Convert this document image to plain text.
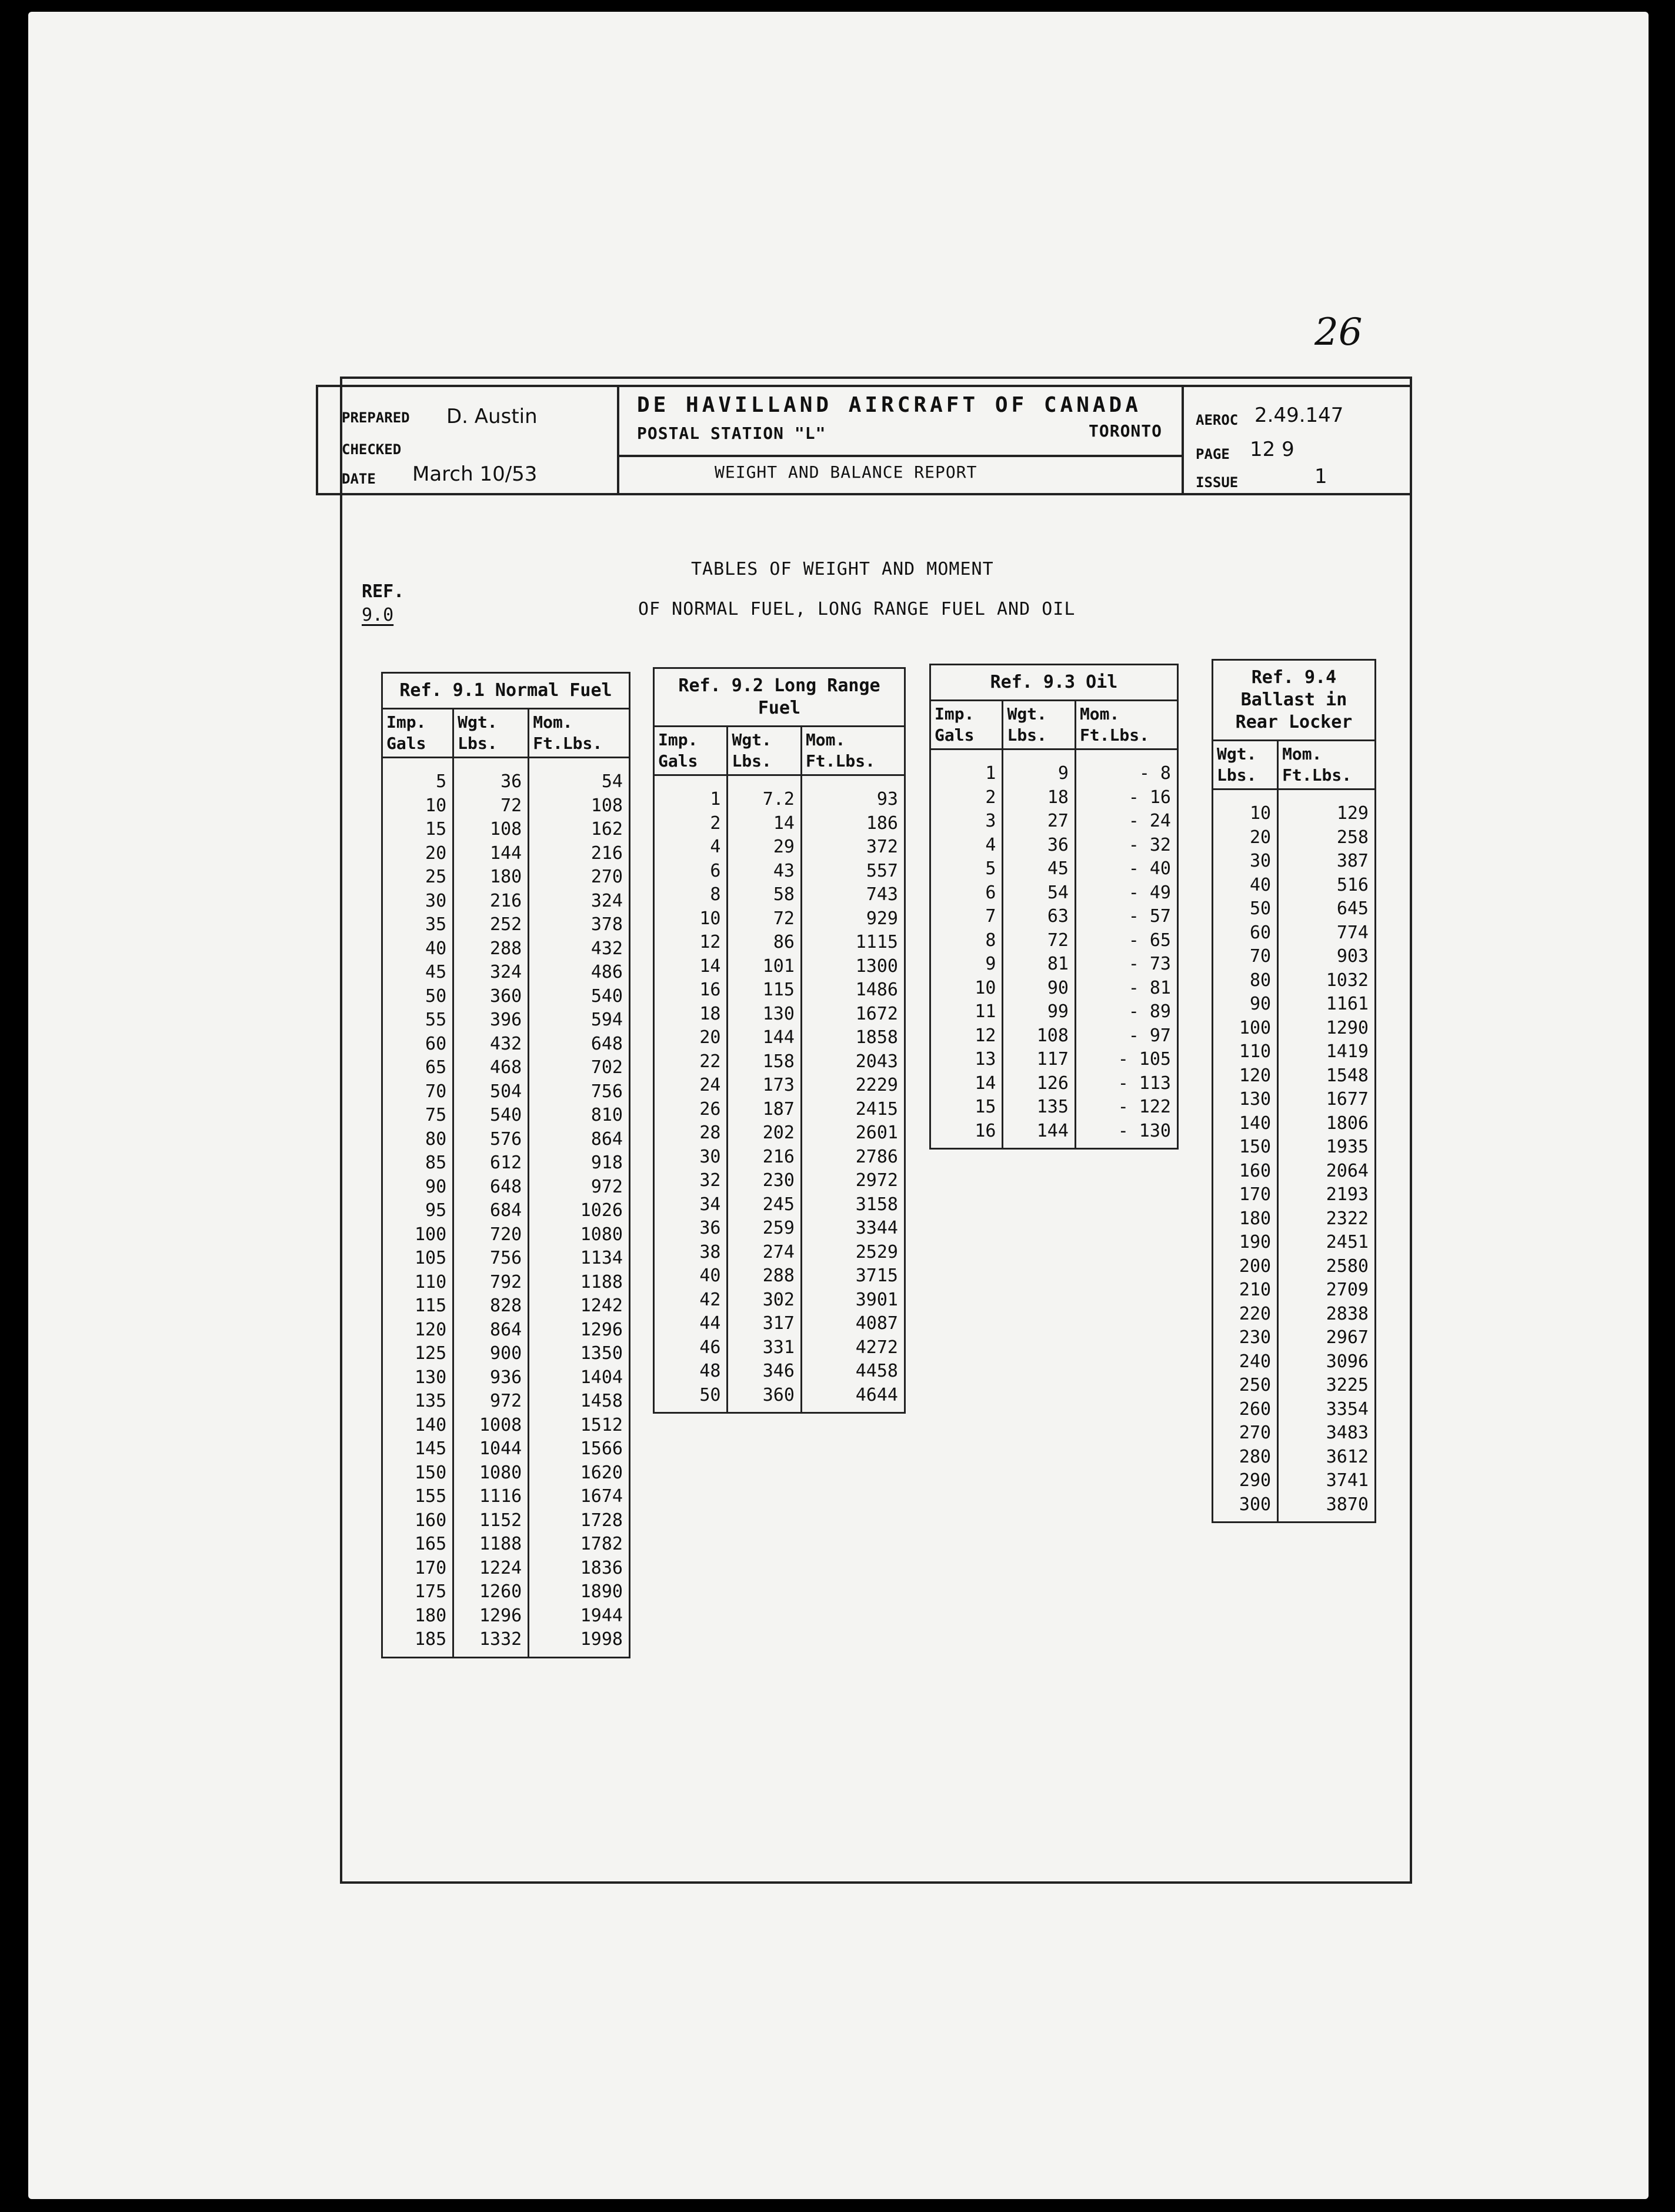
26
PREPARED D. Austin
CHECKED
DATE March 10/53
DE HAVILLAND AIRCRAFT OF CANADA
POSTAL STATION "L"	TORONTO
WEIGHT AND BALANCE REPORT
AEROC 2.49.147
PAGE 12 9
ISSUE	1
TABLES OF WEIGHT AND MOMENT
OF NORMAL FUEL, LONG RANGE FUEL AND OIL
REF.
9.0
Ref. 9.1 Normal Fuel		
Imp. Gals	Wgt. Lbs.	Mom. Ft.Lbs.
5	36	54
10	72	108
15	108	162
20	144	216
25	180	270
30	216	324
35	252	378
40	288	432
45	324	486
50	360	540
55	396	594
60	432	648
65	468	702
70	504	756
75	540	810
80	576	864
85	612	918
90	648	972
95	684	1026
100	720	1080
105	756	1134
110	792	1188
115	828	1242
120	864	1296
125	900	1350
130	936	1404
135	972	1458
140	1008	1512
145	1044	1566
150	1080	1620
155	1116	1674
160	1152	1728
165	1188	1782
170	1224	1836
175	1260	1890
180	1296	1944
185	1332	1998
Ref. 9.2 Long Range Fuel		
Imp. Gals	Wgt. Lbs.	Mom. Ft.Lbs.
1	7.2	93
2	14	186
4	29	372
6	43	557
8	58	743
10	72	929
12	86	1115
14	101	1300
16	115	1486
18	130	1672
20	144	1858
22	158	2043
24	173	2229
26	187	2415
28	202	2601
30	216	2786
32	230	2972
34	245	3158
36	259	3344
38	274	2529
40	288	3715
42	302	3901
44	317	4087
46	331	4272
48	346	4458
50	360	4644
Ref. 9.3 Oil		
Imp. Gals	Wgt. Lbs.	Mom. Ft.Lbs.
1	9	- 8
2	18	- 16
3	27	- 24
4	36	- 32
5	45	- 40
6	54	- 49
7	63	- 57
8	72	- 65
9	81	- 73
10	90	- 81
11	99	- 89
12	108	- 97
13	117	- 105
14	126	- 113
15	135	- 122
16	144	- 130
Ref. 9.4 Ballast in Rear Locker	
Wgt. Lbs.	Mom. Ft.Lbs.
10	129
20	258
30	387
40	516
50	645
60	774
70	903
80	1032
90	1161
100	1290
110	1419
120	1548
130	1677
140	1806
150	1935
160	2064
170	2193
180	2322
190	2451
200	2580
210	2709
220	2838
230	2967
240	3096
250	3225
260	3354
270	3483
280	3612
290	3741
300	3870
